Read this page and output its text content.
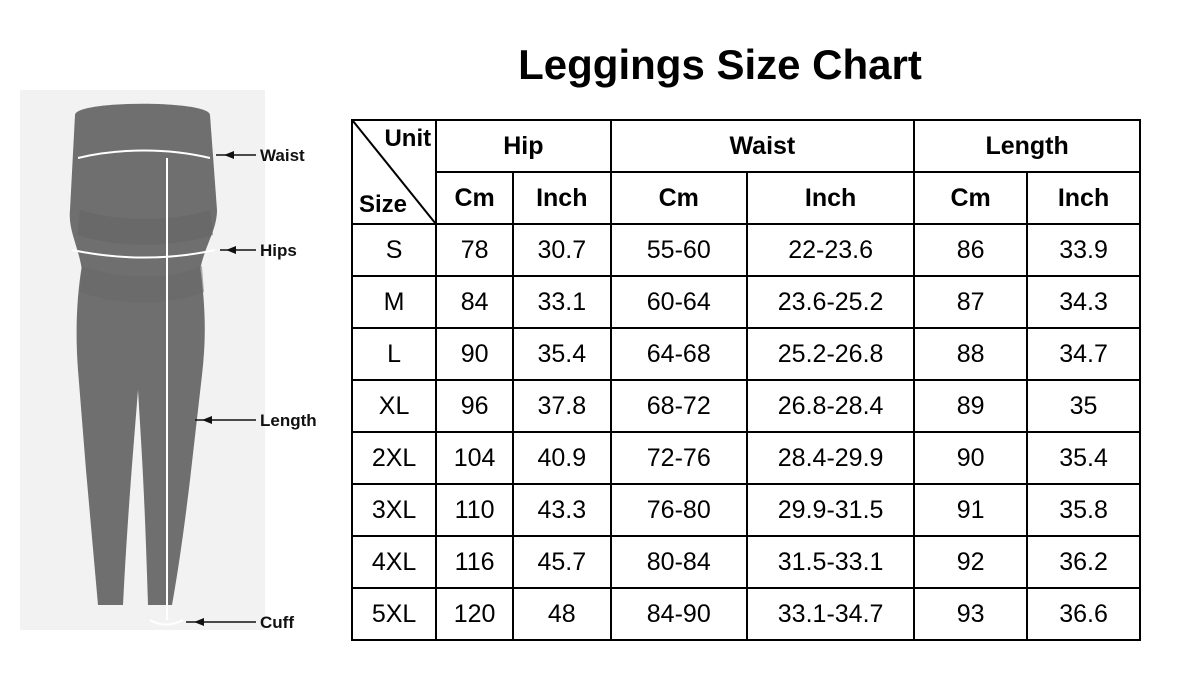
Waist
Hips
Length
Cuff
Leggings Size Chart
Unit
Size	Hip		Waist		Length	
	Cm	Inch	Cm	Inch	Cm	Inch
S	78	30.7	55-60	22-23.6	86	33.9
M	84	33.1	60-64	23.6-25.2	87	34.3
L	90	35.4	64-68	25.2-26.8	88	34.7
XL	96	37.8	68-72	26.8-28.4	89	35
2XL	104	40.9	72-76	28.4-29.9	90	35.4
3XL	110	43.3	76-80	29.9-31.5	91	35.8
4XL	116	45.7	80-84	31.5-33.1	92	36.2
5XL	120	48	84-90	33.1-34.7	93	36.6
